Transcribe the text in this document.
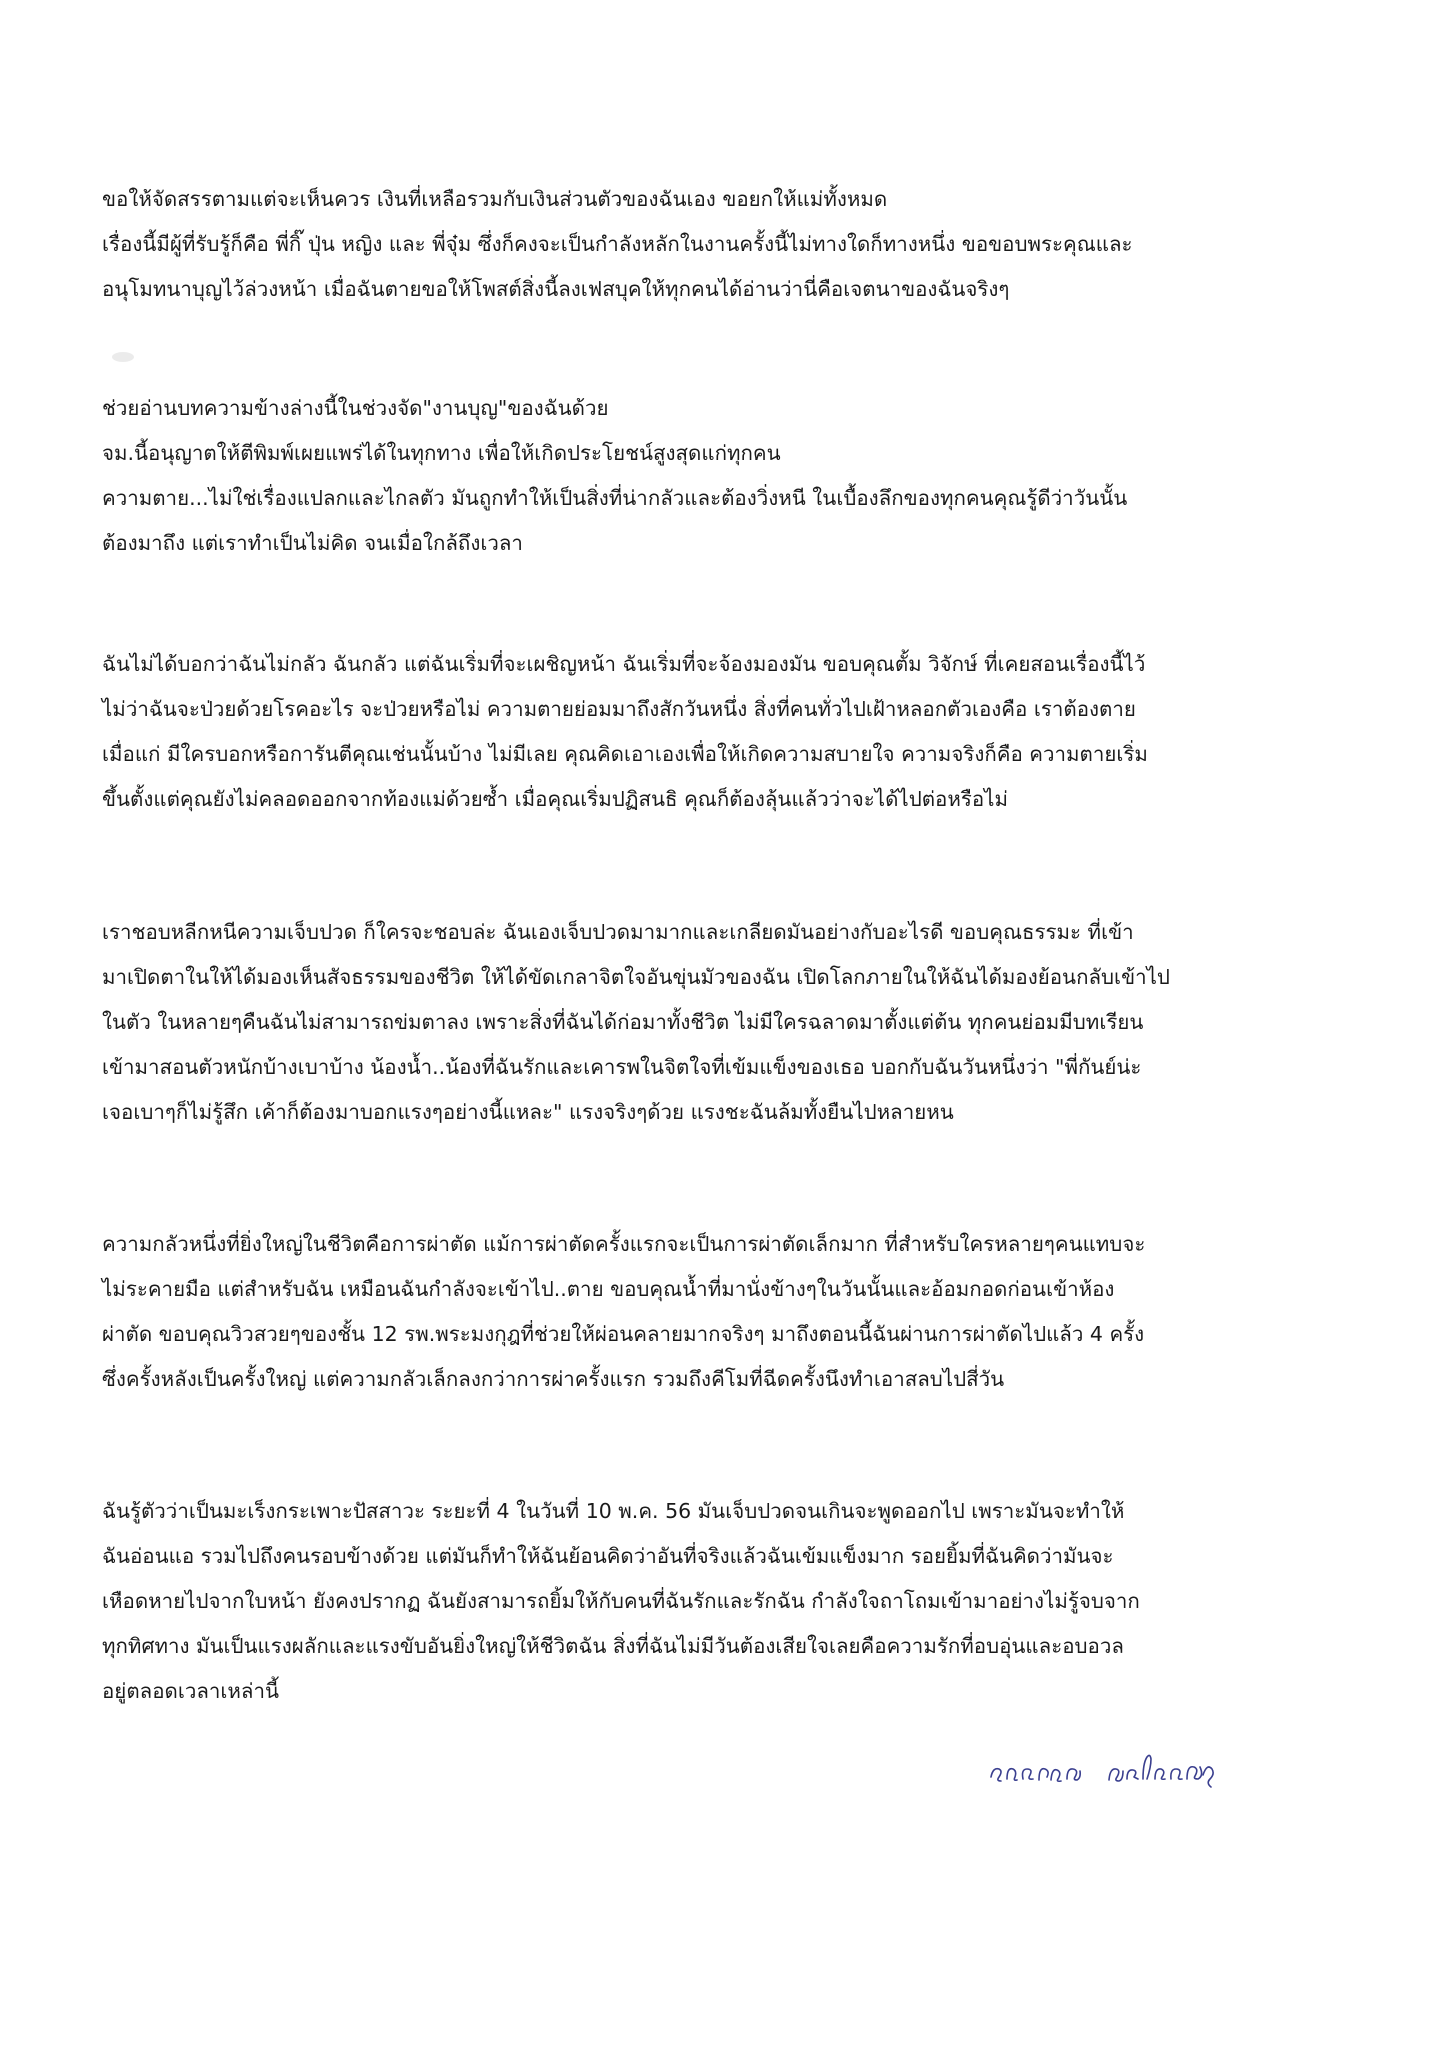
ขอให้จัดสรรตามแต่จะเห็นควร เงินที่เหลือรวมกับเงินส่วนตัวของฉันเอง ขอยกให้แม่ทั้งหมด
เรื่องนี้มีผู้ที่รับรู้ก็คือ พี่กิ๊ ปุ่น หญิง และ พี่จุ๋ม ซึ่งก็คงจะเป็นกำลังหลักในงานครั้งนี้ไม่ทางใดก็ทางหนึ่ง ขอขอบพระคุณและ
อนุโมทนาบุญไว้ล่วงหน้า เมื่อฉันตายขอให้โพสต์สิ่งนี้ลงเฟสบุคให้ทุกคนได้อ่านว่านี่คือเจตนาของฉันจริงๆ
ช่วยอ่านบทความข้างล่างนี้ในช่วงจัด"งานบุญ"ของฉันด้วย
จม.นี้อนุญาตให้ตีพิมพ์เผยแพร่ได้ในทุกทาง เพื่อให้เกิดประโยชน์สูงสุดแก่ทุกคน
ความตาย...ไม่ใช่เรื่องแปลกและไกลตัว มันถูกทำให้เป็นสิ่งที่น่ากลัวและต้องวิ่งหนี ในเบื้องลึกของทุกคนคุณรู้ดีว่าวันนั้น
ต้องมาถึง แต่เราทำเป็นไม่คิด จนเมื่อใกล้ถึงเวลา
ฉันไม่ได้บอกว่าฉันไม่กลัว ฉันกลัว แต่ฉันเริ่มที่จะเผชิญหน้า ฉันเริ่มที่จะจ้องมองมัน ขอบคุณตั้ม วิจักษ์ ที่เคยสอนเรื่องนี้ไว้
ไม่ว่าฉันจะป่วยด้วยโรคอะไร จะป่วยหรือไม่ ความตายย่อมมาถึงสักวันหนึ่ง สิ่งที่คนทั่วไปเฝ้าหลอกตัวเองคือ เราต้องตาย
เมื่อแก่ มีใครบอกหรือการันตีคุณเช่นนั้นบ้าง ไม่มีเลย คุณคิดเอาเองเพื่อให้เกิดความสบายใจ ความจริงก็คือ ความตายเริ่ม
ขึ้นตั้งแต่คุณยังไม่คลอดออกจากท้องแม่ด้วยซ้ำ เมื่อคุณเริ่มปฏิสนธิ คุณก็ต้องลุ้นแล้วว่าจะได้ไปต่อหรือไม่
เราชอบหลีกหนีความเจ็บปวด ก็ใครจะชอบล่ะ ฉันเองเจ็บปวดมามากและเกลียดมันอย่างกับอะไรดี ขอบคุณธรรมะ ที่เข้า
มาเปิดตาในให้ได้มองเห็นสัจธรรมของชีวิต ให้ได้ขัดเกลาจิตใจอันขุ่นมัวของฉัน เปิดโลกภายในให้ฉันได้มองย้อนกลับเข้าไป
ในตัว ในหลายๆคืนฉันไม่สามารถข่มตาลง เพราะสิ่งที่ฉันได้ก่อมาทั้งชีวิต ไม่มีใครฉลาดมาตั้งแต่ต้น ทุกคนย่อมมีบทเรียน
เข้ามาสอนตัวหนักบ้างเบาบ้าง น้องน้ำ..น้องที่ฉันรักและเคารพในจิตใจที่เข้มแข็งของเธอ บอกกับฉันวันหนึ่งว่า "พี่กันย์น่ะ
เจอเบาๆก็ไม่รู้สึก เค้าก็ต้องมาบอกแรงๆอย่างนี้แหละ" แรงจริงๆด้วย แรงชะฉันล้มทั้งยืนไปหลายหน
ความกลัวหนึ่งที่ยิ่งใหญ่ในชีวิตคือการผ่าตัด แม้การผ่าตัดครั้งแรกจะเป็นการผ่าตัดเล็กมาก ที่สำหรับใครหลายๆคนแทบจะ
ไม่ระคายมือ แต่สำหรับฉัน เหมือนฉันกำลังจะเข้าไป..ตาย ขอบคุณน้ำที่มานั่งข้างๆในวันนั้นและอ้อมกอดก่อนเข้าห้อง
ผ่าตัด ขอบคุณวิวสวยๆของชั้น 12 รพ.พระมงกุฎที่ช่วยให้ผ่อนคลายมากจริงๆ มาถึงตอนนี้ฉันผ่านการผ่าตัดไปแล้ว 4 ครั้ง
ซึ่งครั้งหลังเป็นครั้งใหญ่ แต่ความกลัวเล็กลงกว่าการผ่าครั้งแรก รวมถึงคีโมที่ฉีดครั้งนึงทำเอาสลบไปสี่วัน
ฉันรู้ตัวว่าเป็นมะเร็งกระเพาะปัสสาวะ ระยะที่ 4 ในวันที่ 10 พ.ค. 56 มันเจ็บปวดจนเกินจะพูดออกไป เพราะมันจะทำให้
ฉันอ่อนแอ รวมไปถึงคนรอบข้างด้วย แต่มันก็ทำให้ฉันย้อนคิดว่าอันที่จริงแล้วฉันเข้มแข็งมาก รอยยิ้มที่ฉันคิดว่ามันจะ
เหือดหายไปจากใบหน้า ยังคงปรากฏ ฉันยังสามารถยิ้มให้กับคนที่ฉันรักและรักฉัน กำลังใจถาโถมเข้ามาอย่างไม่รู้จบจาก
ทุกทิศทาง มันเป็นแรงผลักและแรงขับอันยิ่งใหญ่ให้ชีวิตฉัน สิ่งที่ฉันไม่มีวันต้องเสียใจเลยคือความรักที่อบอุ่นและอบอวล
อยู่ตลอดเวลาเหล่านี้
